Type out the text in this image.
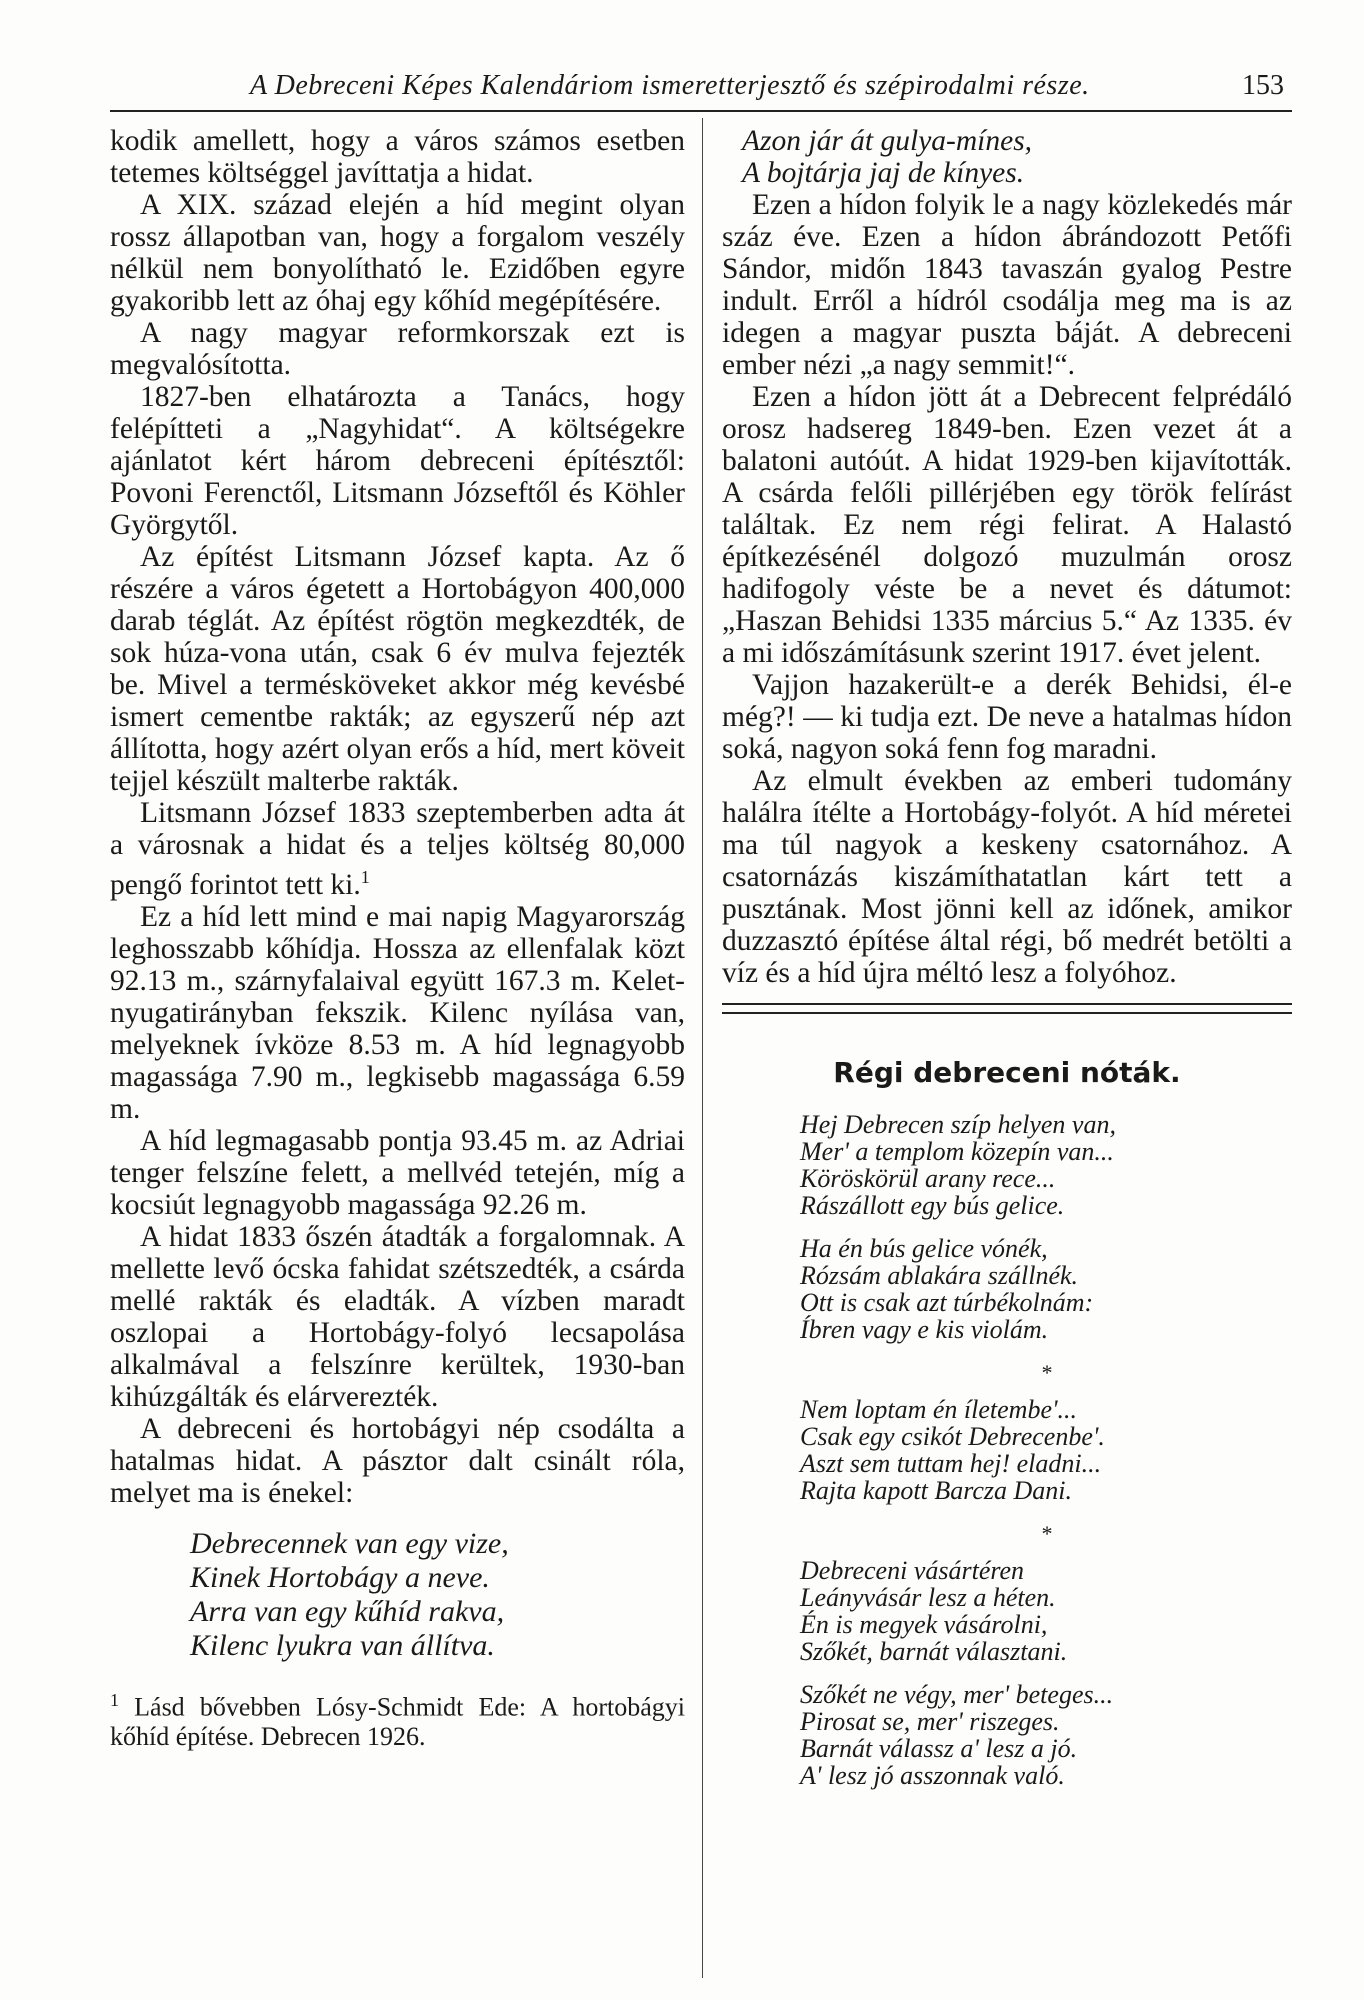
A Debreceni Képes Kalendáriom ismeretterjesztő és szépirodalmi része.	153

kodik amellett, hogy a város számos esetben tetemes költséggel javíttatja a hidat.

A XIX. század elején a híd megint olyan rossz állapotban van, hogy a forgalom veszély nélkül nem bonyolítható le. Ezidőben egyre gyakoribb lett az óhaj egy kőhíd megépítésére.

A nagy magyar reformkorszak ezt is megvalósította.

1827-ben elhatározta a Tanács, hogy felépítteti a „Nagyhidat“. A költségekre ajánlatot kért három debreceni építésztől: Povoni Ferenctől, Litsmann Józseftől és Köhler Györgytől.

Az építést Litsmann József kapta. Az ő részére a város égetett a Hortobágyon 400,000 darab téglát. Az építést rögtön megkezdték, de sok húza-vona után, csak 6 év mulva fejezték be. Mivel a terméskövеket akkor még kevésbé ismert cementbe rakták; az egyszerű nép azt állította, hogy azért olyan erős a híd, mert köveit tejjel készült malterbe rakták.

Litsmann József 1833 szeptemberben adta át a városnak a hidat és a teljes költség 80,000 pengő forintot tett ki.$^1$

Ez a híd lett mind e mai napig Magyarország leghosszabb kőhídja. Hossza az ellenfalak közt 92.13 m., szárnyfalaival együtt 167.3 m. Kelet-nyugatirányban fekszik. Kilenc nyílása van, melyeknek ívköze 8.53 m. A híd legnagyobb magassága 7.90 m., legkisebb magassága 6.59 m.

A híd legmagasabb pontja 93.45 m. az Adriai tenger felszíne felett, a mellvéd tetején, míg a kocsiút legnagyobb magassága 92.26 m.

A hidat 1833 őszén átadták a forgalomnak. A mellette levő ócska fahidat szétszedték, a csárda mellé rakták és eladták. A vízben maradt oszlopai a Hortobágy-folyó lecsapolása alkalmával a felszínre kerültek, 1930-ban kihúzgálták és elárverezték.

A debreceni és hortobágyi nép csodálta a hatalmas hidat. A pásztor dalt csinált róla, melyet ma is énekel:

Debrecennek van egy vize,
Kinek Hortobágy a neve.
Arra van egy kűhíd rakva,
Kilenc lyukra van állítva.
$^1$ Lásd bővebben Lósy-Schmidt Ede: A hortobágyi kőhíd építése. Debrecen 1926.
Azon jár át gulya-mínes,
A bojtárja jaj de kínyes.

Ezen a hídon folyik le a nagy közlekedés már száz éve. Ezen a hídon ábrándozott Petőfi Sándor, midőn 1843 tavaszán gyalog Pestre indult. Erről a hídról csodálja meg ma is az idegen a magyar puszta báját. A debreceni ember nézi „a nagy semmit!“.

Ezen a hídon jött át a Debrecent felprédáló orosz hadsereg 1849-ben. Ezen vezet át a balatoni autóút. A hidat 1929-ben kijavították. A csárda felőli pillérjében egy török felírást találtak. Ez nem régi felirat. A Halastó építkezésénél dolgozó muzulmán orosz hadifogoly véste be a nevet és dátumot: „Haszan Behidsi 1335 március 5.“ Az 1335. év a mi időszámításunk szerint 1917. évet jelent.

Vajjon hazakerült-e a derék Behidsi, él-e még?! — ki tudja ezt. De neve a hatalmas hídon soká, nagyon soká fenn fog maradni.

Az elmult években az emberi tudomány halálra ítélte a Hortobágy-folyót. A híd méretei ma túl nagyok a keskeny csatornához. A csatornázás kiszámíthatatlan kárt tett a pusztának. Most jönni kell az időnek, amikor duzzasztó építése által régi, bő medrét betölti a víz és a híd újra méltó lesz a folyóhoz.

Régi debreceni nóták.
Hej Debrecen szíp helyen van,
Mer' a templom közepín van...
Köröskörül arany rece...
Rászállott egy bús gelice.
Ha én bús gelice vónék,
Rózsám ablakára szállnék.
Ott is csak azt túrbékolnám:
Íbren vagy e kis violám.
*
Nem loptam én íletembe'...
Csak egy csikót Debrecenbe'.
Aszt sem tuttam hej! eladni...
Rajta kapott Barcza Dani.
*
Debreceni vásártéren
Leányvásár lesz a héten.
Én is megyek vásárolni,
Szőkét, barnát választani.
Szőkét ne végy, mer' beteges...
Pirosat se, mer' riszeges.
Barnát válassz a' lesz a jó.
A' lesz jó asszonnak való.
